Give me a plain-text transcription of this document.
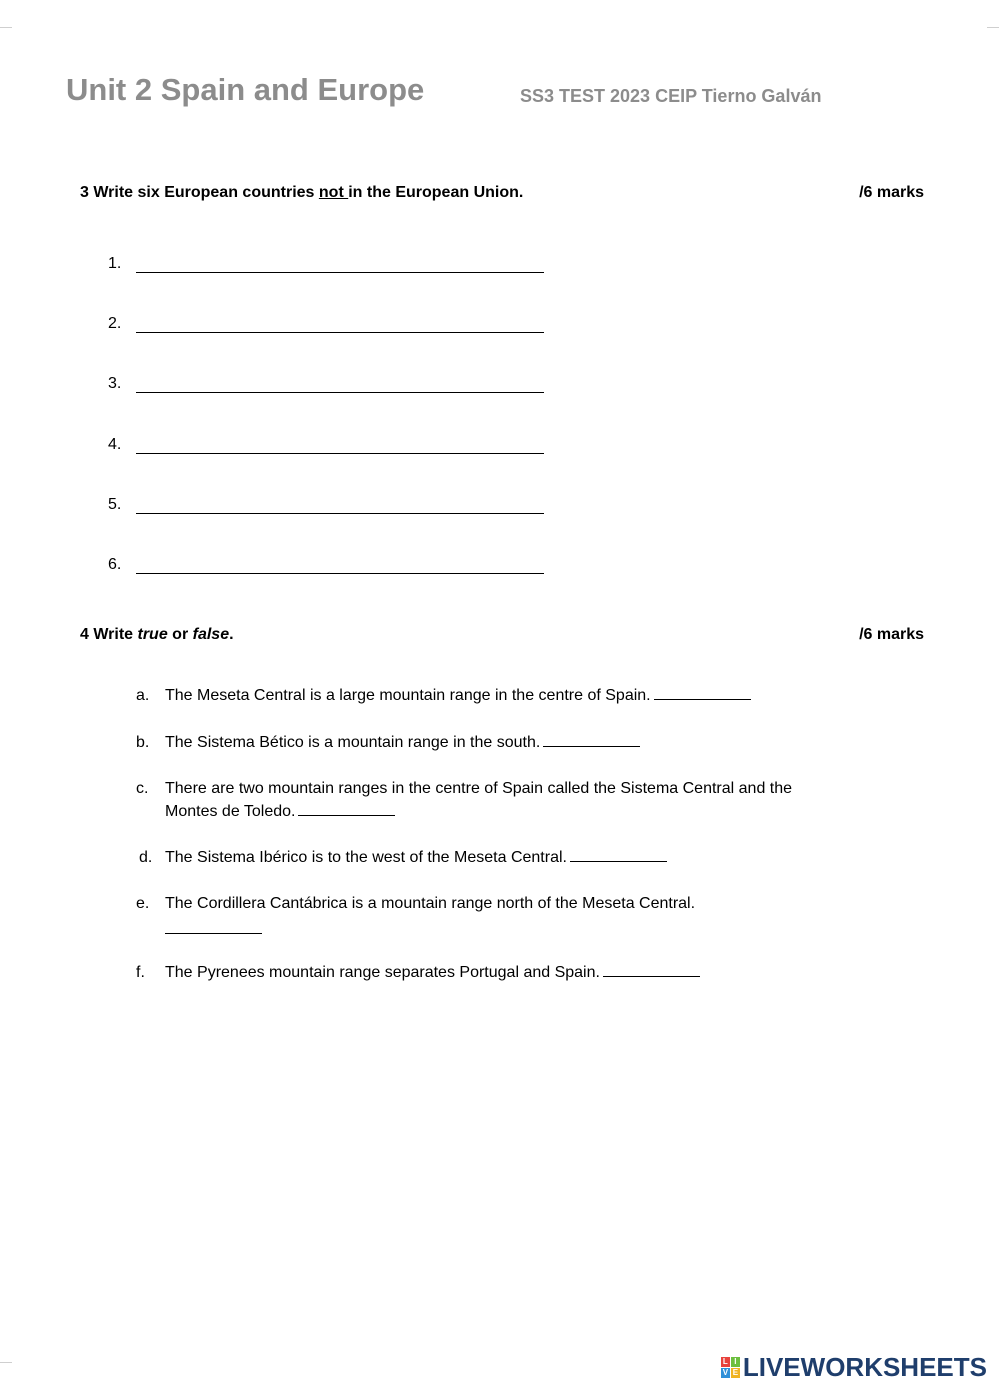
Unit 2 Spain and Europe	SS3 TEST 2023 CEIP Tierno Galván
3 Write six European countries not in the European Union.	/6 marks
1.
2.
3.
4.
5.
6.
4 Write true or false.	/6 marks
a. The Meseta Central is a large mountain range in the centre of Spain.
b. The Sistema Bético is a mountain range in the south.
c. There are two mountain ranges in the centre of Spain called the Sistema Central and the Montes de Toledo.
d. The Sistema Ibérico is to the west of the Meseta Central.
e. The Cordillera Cantábrica is a mountain range north of the Meseta Central.
f. The Pyrenees mountain range separates Portugal and Spain.
L I
V E LIVEWORKSHEETS
